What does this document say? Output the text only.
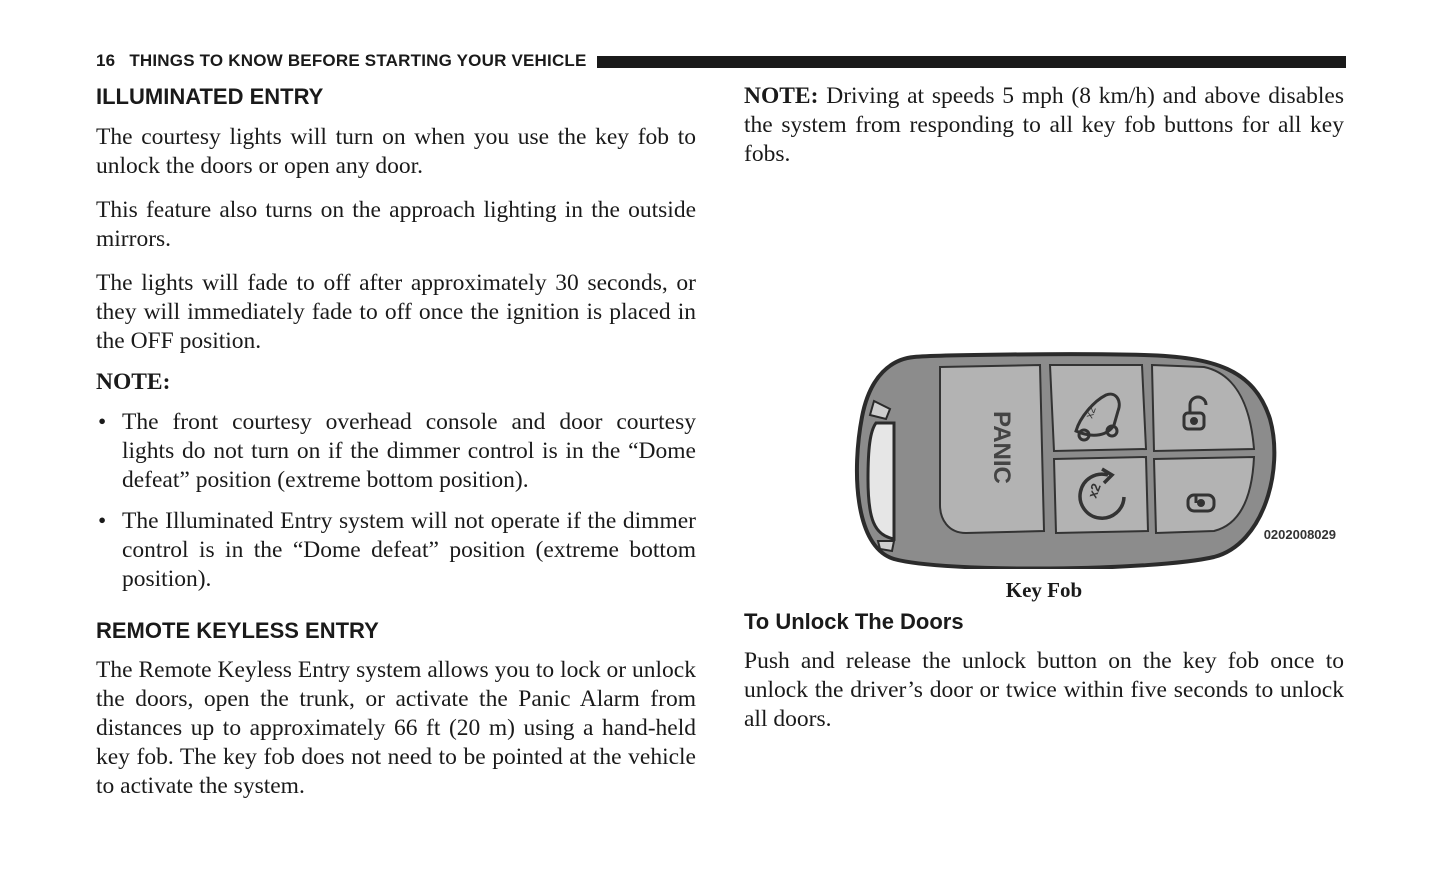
16 THINGS TO KNOW BEFORE STARTING YOUR VEHICLE
ILLUMINATED ENTRY

The courtesy lights will turn on when you use the key fob to unlock the doors or open any door.

This feature also turns on the approach lighting in the outside mirrors.

The lights will fade to off after approximately 30 seconds, or they will immediately fade to off once the ignition is placed in the OFF position.

NOTE:
• The front courtesy overhead console and door courtesy lights do not turn on if the dimmer control is in the “Dome defeat” position (extreme bottom position).
• The Illuminated Entry system will not operate if the dimmer control is in the “Dome defeat” position (extreme bottom position).
REMOTE KEYLESS ENTRY

The Remote Keyless Entry system allows you to lock or unlock the doors, open the trunk, or activate the Panic Alarm from distances up to approximately 66 ft (20 m) using a hand-held key fob. The key fob does not need to be pointed at the vehicle to activate the system.

NOTE: Driving at speeds 5 mph (8 km/h) and above disables the system from responding to all key fob buttons for all key fobs.

PANIC	x2
x2
0202008029

Key Fob

To Unlock The Doors

Push and release the unlock button on the key fob once to unlock the driver’s door or twice within five seconds to unlock all doors.
